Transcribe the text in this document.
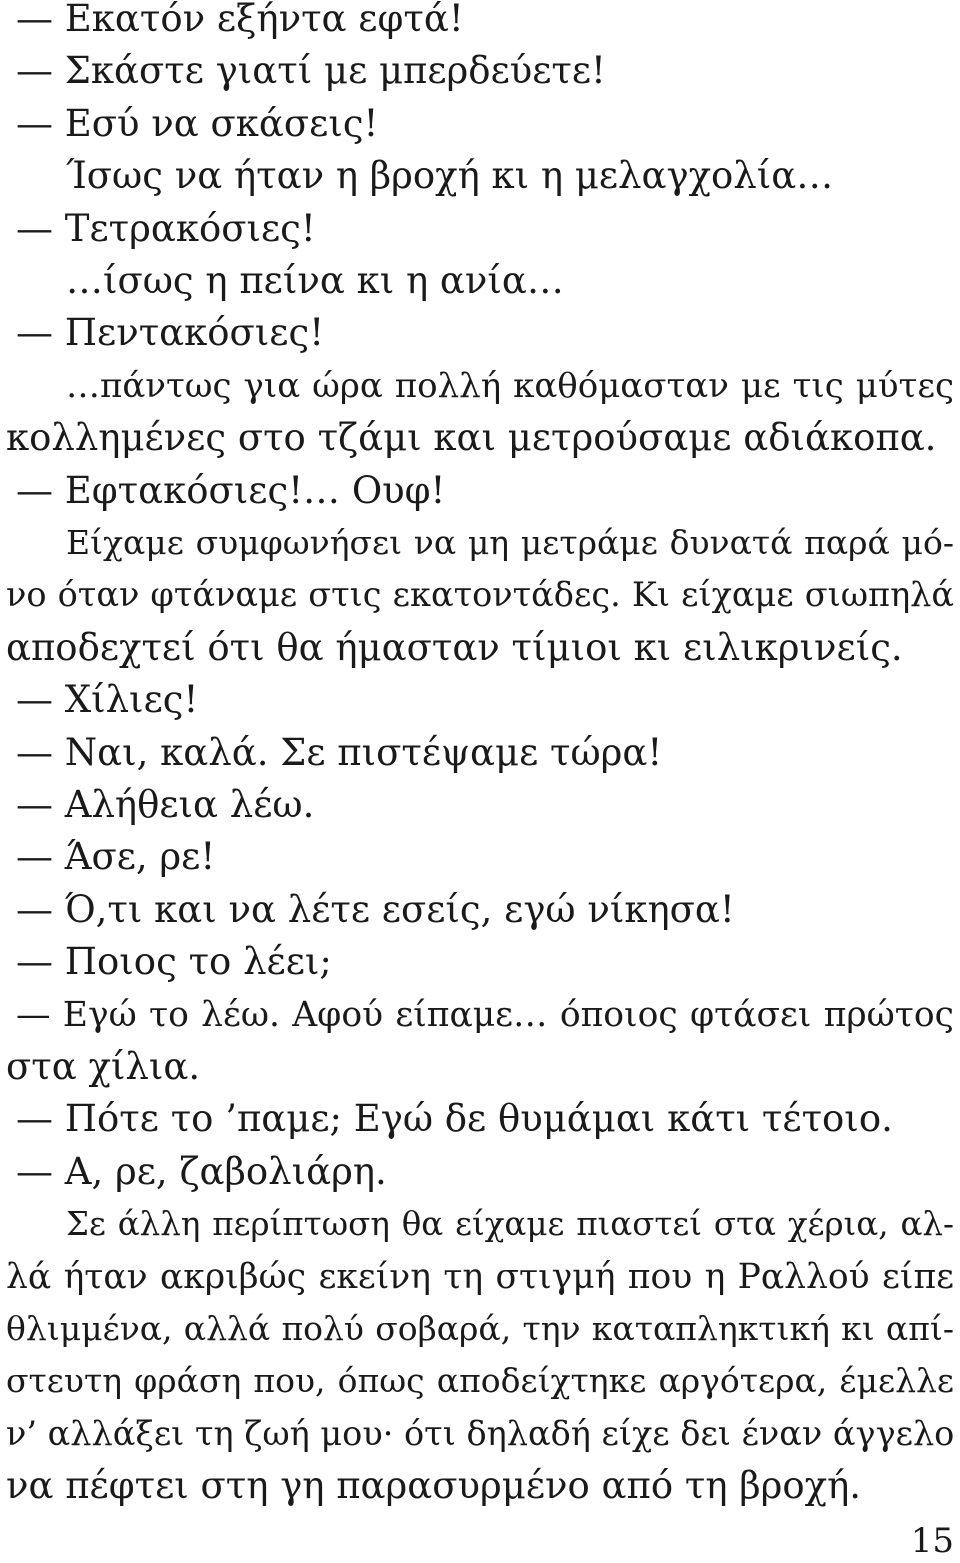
— Εκατόν εξήντα εφτά!
— Σκάστε γιατί με μπερδεύετε!
— Εσύ να σκάσεις!
Ίσως να ήταν η βροχή κι η μελαγχολία…
— Τετρακόσιες!
…ίσως η πείνα κι η ανία…
— Πεντακόσιες!
…πάντως για ώρα πολλή καθόμασταν με τις μύτες
κολλημένες στο τζάμι και μετρούσαμε αδιάκοπα.
— Εφτακόσιες!… Ουφ!
Είχαμε συμφωνήσει να μη μετράμε δυνατά παρά μό-
νο όταν φτάναμε στις εκατοντάδες. Κι είχαμε σιωπηλά
αποδεχτεί ότι θα ήμασταν τίμιοι κι ειλικρινείς.
— Χίλιες!
— Ναι, καλά. Σε πιστέψαμε τώρα!
— Αλήθεια λέω.
— Άσε, ρε!
— Ό,τι και να λέτε εσείς, εγώ νίκησα!
— Ποιος το λέει;
— Εγώ το λέω. Αφού είπαμε… όποιος φτάσει πρώτος
στα χίλια.
— Πότε το ’παμε; Εγώ δε θυμάμαι κάτι τέτοιο.
— Α, ρε, ζαβολιάρη.
Σε άλλη περίπτωση θα είχαμε πιαστεί στα χέρια, αλ-
λά ήταν ακριβώς εκείνη τη στιγμή που η Ραλλού είπε
θλιμμένα, αλλά πολύ σοβαρά, την καταπληκτική κι απί-
στευτη φράση που, όπως αποδείχτηκε αργότερα, έμελλε
ν’ αλλάξει τη ζωή μου· ότι δηλαδή είχε δει έναν άγγελο
να πέφτει στη γη παρασυρμένο από τη βροχή.
15
